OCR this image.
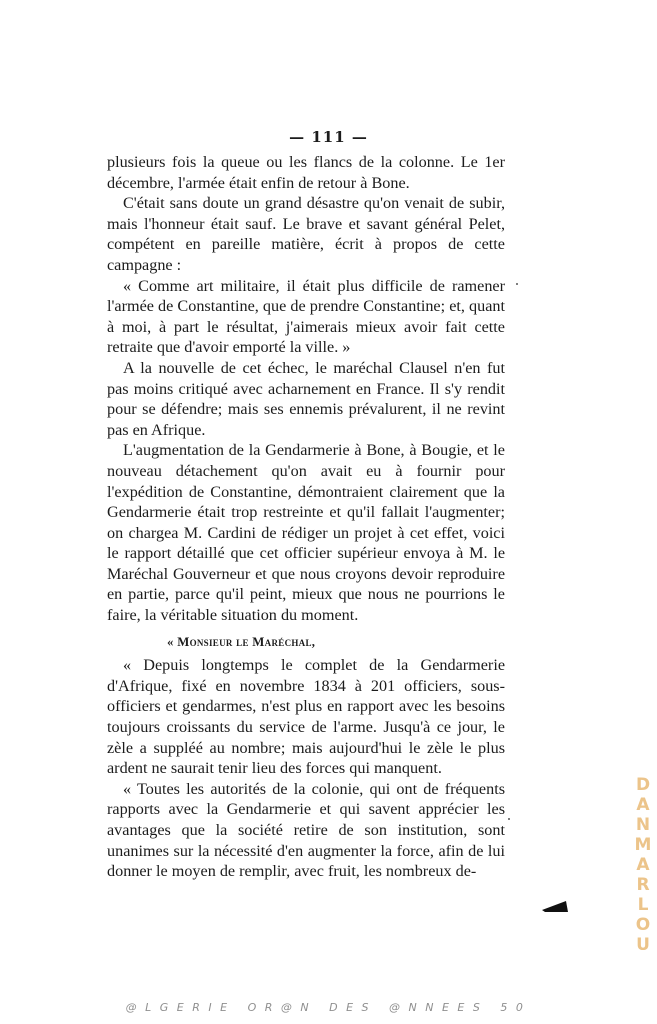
— 111 —

plusieurs fois la queue ou les flancs de la colonne. Le 1er décembre, l'armée était enfin de retour à Bone.

C'était sans doute un grand désastre qu'on venait de subir, mais l'honneur était sauf. Le brave et savant général Pelet, compétent en pareille matière, écrit à propos de cette campagne :

« Comme art militaire, il était plus difficile de ramener l'armée de Constantine, que de prendre Constantine; et, quant à moi, à part le résultat, j'aimerais mieux avoir fait cette retraite que d'avoir emporté la ville. »

A la nouvelle de cet échec, le maréchal Clausel n'en fut pas moins critiqué avec acharnement en France. Il s'y rendit pour se défendre; mais ses ennemis prévalurent, il ne revint pas en Afrique.

L'augmentation de la Gendarmerie à Bone, à Bougie, et le nouveau détachement qu'on avait eu à fournir pour l'expédition de Constantine, démontraient clairement que la Gendarmerie était trop restreinte et qu'il fallait l'augmenter; on chargea M. Cardini de rédiger un projet à cet effet, voici le rapport détaillé que cet officier supérieur envoya à M. le Maréchal Gouverneur et que nous croyons devoir reproduire en partie, parce qu'il peint, mieux que nous ne pourrions le faire, la véritable situation du moment.

« Monsieur le Maréchal,

« Depuis longtemps le complet de la Gendarmerie d'Afrique, fixé en novembre 1834 à 201 officiers, sous-officiers et gendarmes, n'est plus en rapport avec les besoins toujours croissants du service de l'arme. Jusqu'à ce jour, le zèle a suppléé au nombre; mais aujourd'hui le zèle le plus ardent ne saurait tenir lieu des forces qui manquent.

« Toutes les autorités de la colonie, qui ont de fréquents rapports avec la Gendarmerie et qui savent apprécier les avantages que la société retire de son institution, sont unanimes sur la nécessité d'en augmenter la force, afin de lui donner le moyen de remplir, avec fruit, les nombreux de-

D
A
N
M
A
R
L
O
U
@LGERIE OR@N DES @NNEES 50
